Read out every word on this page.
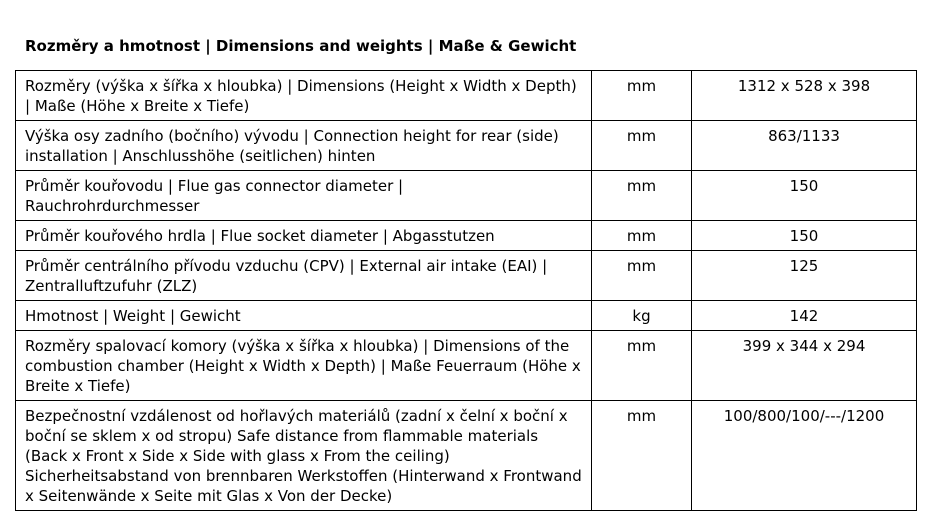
Rozměry a hmotnost | Dimensions and weights | Maße & Gewicht
Rozměry (výška x šířka x hloubka) | Dimensions (Height x Width x Depth) | Maße (Höhe x Breite x Tiefe)	mm	1312 x 528 x 398
Výška osy zadního (bočního) vývodu | Connection height for rear (side) installation | Anschlusshöhe (seitlichen) hinten	mm	863/1133
Průměr kouřovodu | Flue gas connector diameter | Rauchrohrdurchmesser	mm	150
Průměr kouřového hrdla | Flue socket diameter | Abgasstutzen	mm	150
Průměr centrálního přívodu vzduchu (CPV) | External air intake (EAI) | Zentralluftzufuhr (ZLZ)	mm	125
Hmotnost | Weight | Gewicht	kg	142
Rozměry spalovací komory (výška x šířka x hloubka) | Dimensions of the combustion chamber (Height x Width x Depth) | Maße Feuerraum (Höhe x Breite x Tiefe)	mm	399 x 344 x 294
Bezpečnostní vzdálenost od hořlavých materiálů (zadní x čelní x boční x boční se sklem x od stropu) Safe distance from flammable materials (Back x Front x Side x Side with glass x From the ceiling) Sicherheitsabstand von brennbaren Werkstoffen (Hinterwand x Frontwand x Seitenwände x Seite mit Glas x Von der Decke)	mm	100/800/100/---/1200
